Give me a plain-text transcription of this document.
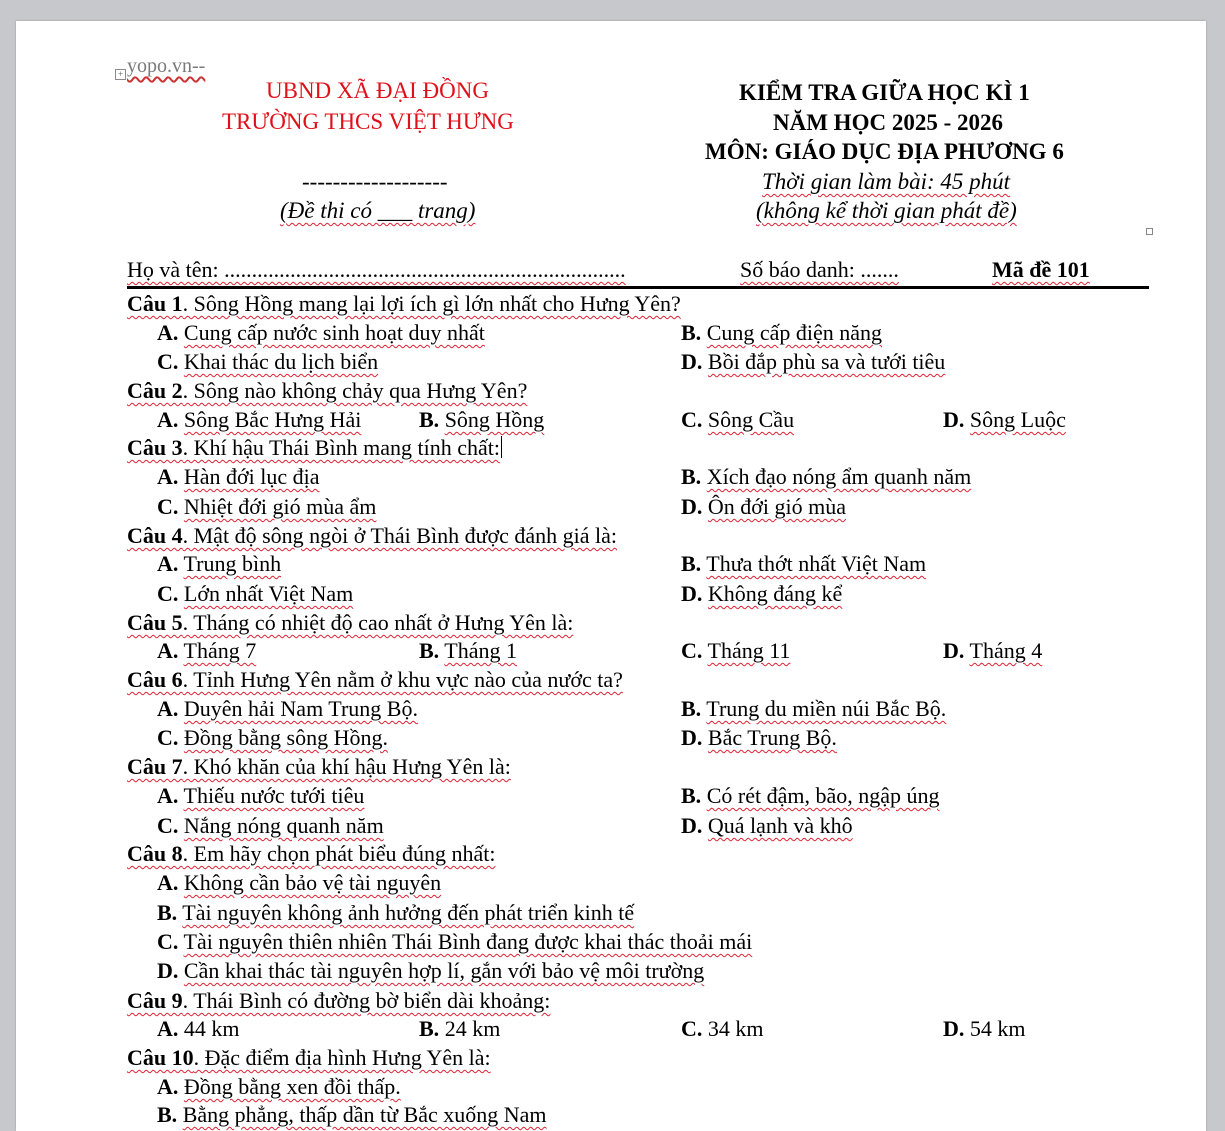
+ yopo.vn--
UBND XÃ ĐẠI ĐỒNG
TRƯỜNG THCS VIỆT HƯNG
-------------------
(Đề thi có ___ trang)
KIỂM TRA GIỮA HỌC KÌ 1
NĂM HỌC 2025 - 2026
MÔN: GIÁO DỤC ĐỊA PHƯƠNG 6
Thời gian làm bài: 45 phút
(không kể thời gian phát đề)
Họ và tên: .........................................................................	Số báo danh: .......	Mã đề 101
Câu 1. Sông Hồng mang lại lợi ích gì lớn nhất cho Hưng Yên?
A. Cung cấp nước sinh hoạt duy nhất	B. Cung cấp điện năng
C. Khai thác du lịch biển	D. Bồi đắp phù sa và tưới tiêu
Câu 2. Sông nào không chảy qua Hưng Yên?
A. Sông Bắc Hưng Hải	B. Sông Hồng	C. Sông Cầu	D. Sông Luộc
Câu 3. Khí hậu Thái Bình mang tính chất:
A. Hàn đới lục địa	B. Xích đạo nóng ẩm quanh năm
C. Nhiệt đới gió mùa ẩm	D. Ôn đới gió mùa
Câu 4. Mật độ sông ngòi ở Thái Bình được đánh giá là:
A. Trung bình	B. Thưa thớt nhất Việt Nam
C. Lớn nhất Việt Nam	D. Không đáng kể
Câu 5. Tháng có nhiệt độ cao nhất ở Hưng Yên là:
A. Tháng 7	B. Tháng 1	C. Tháng 11	D. Tháng 4
Câu 6. Tỉnh Hưng Yên nằm ở khu vực nào của nước ta?
A. Duyên hải Nam Trung Bộ.	B. Trung du miền núi Bắc Bộ.
C. Đồng bằng sông Hồng.	D. Bắc Trung Bộ.
Câu 7. Khó khăn của khí hậu Hưng Yên là:
A. Thiếu nước tưới tiêu	B. Có rét đậm, bão, ngập úng
C. Nắng nóng quanh năm	D. Quá lạnh và khô
Câu 8. Em hãy chọn phát biểu đúng nhất:
A. Không cần bảo vệ tài nguyên
B. Tài nguyên không ảnh hưởng đến phát triển kinh tế
C. Tài nguyên thiên nhiên Thái Bình đang được khai thác thoải mái
D. Cần khai thác tài nguyên hợp lí, gắn với bảo vệ môi trường
Câu 9. Thái Bình có đường bờ biển dài khoảng:
A. 44 km	B. 24 km	C. 34 km	D. 54 km
Câu 10. Đặc điểm địa hình Hưng Yên là:
A. Đồng bằng xen đồi thấp.
B. Bằng phẳng, thấp dần từ Bắc xuống Nam
